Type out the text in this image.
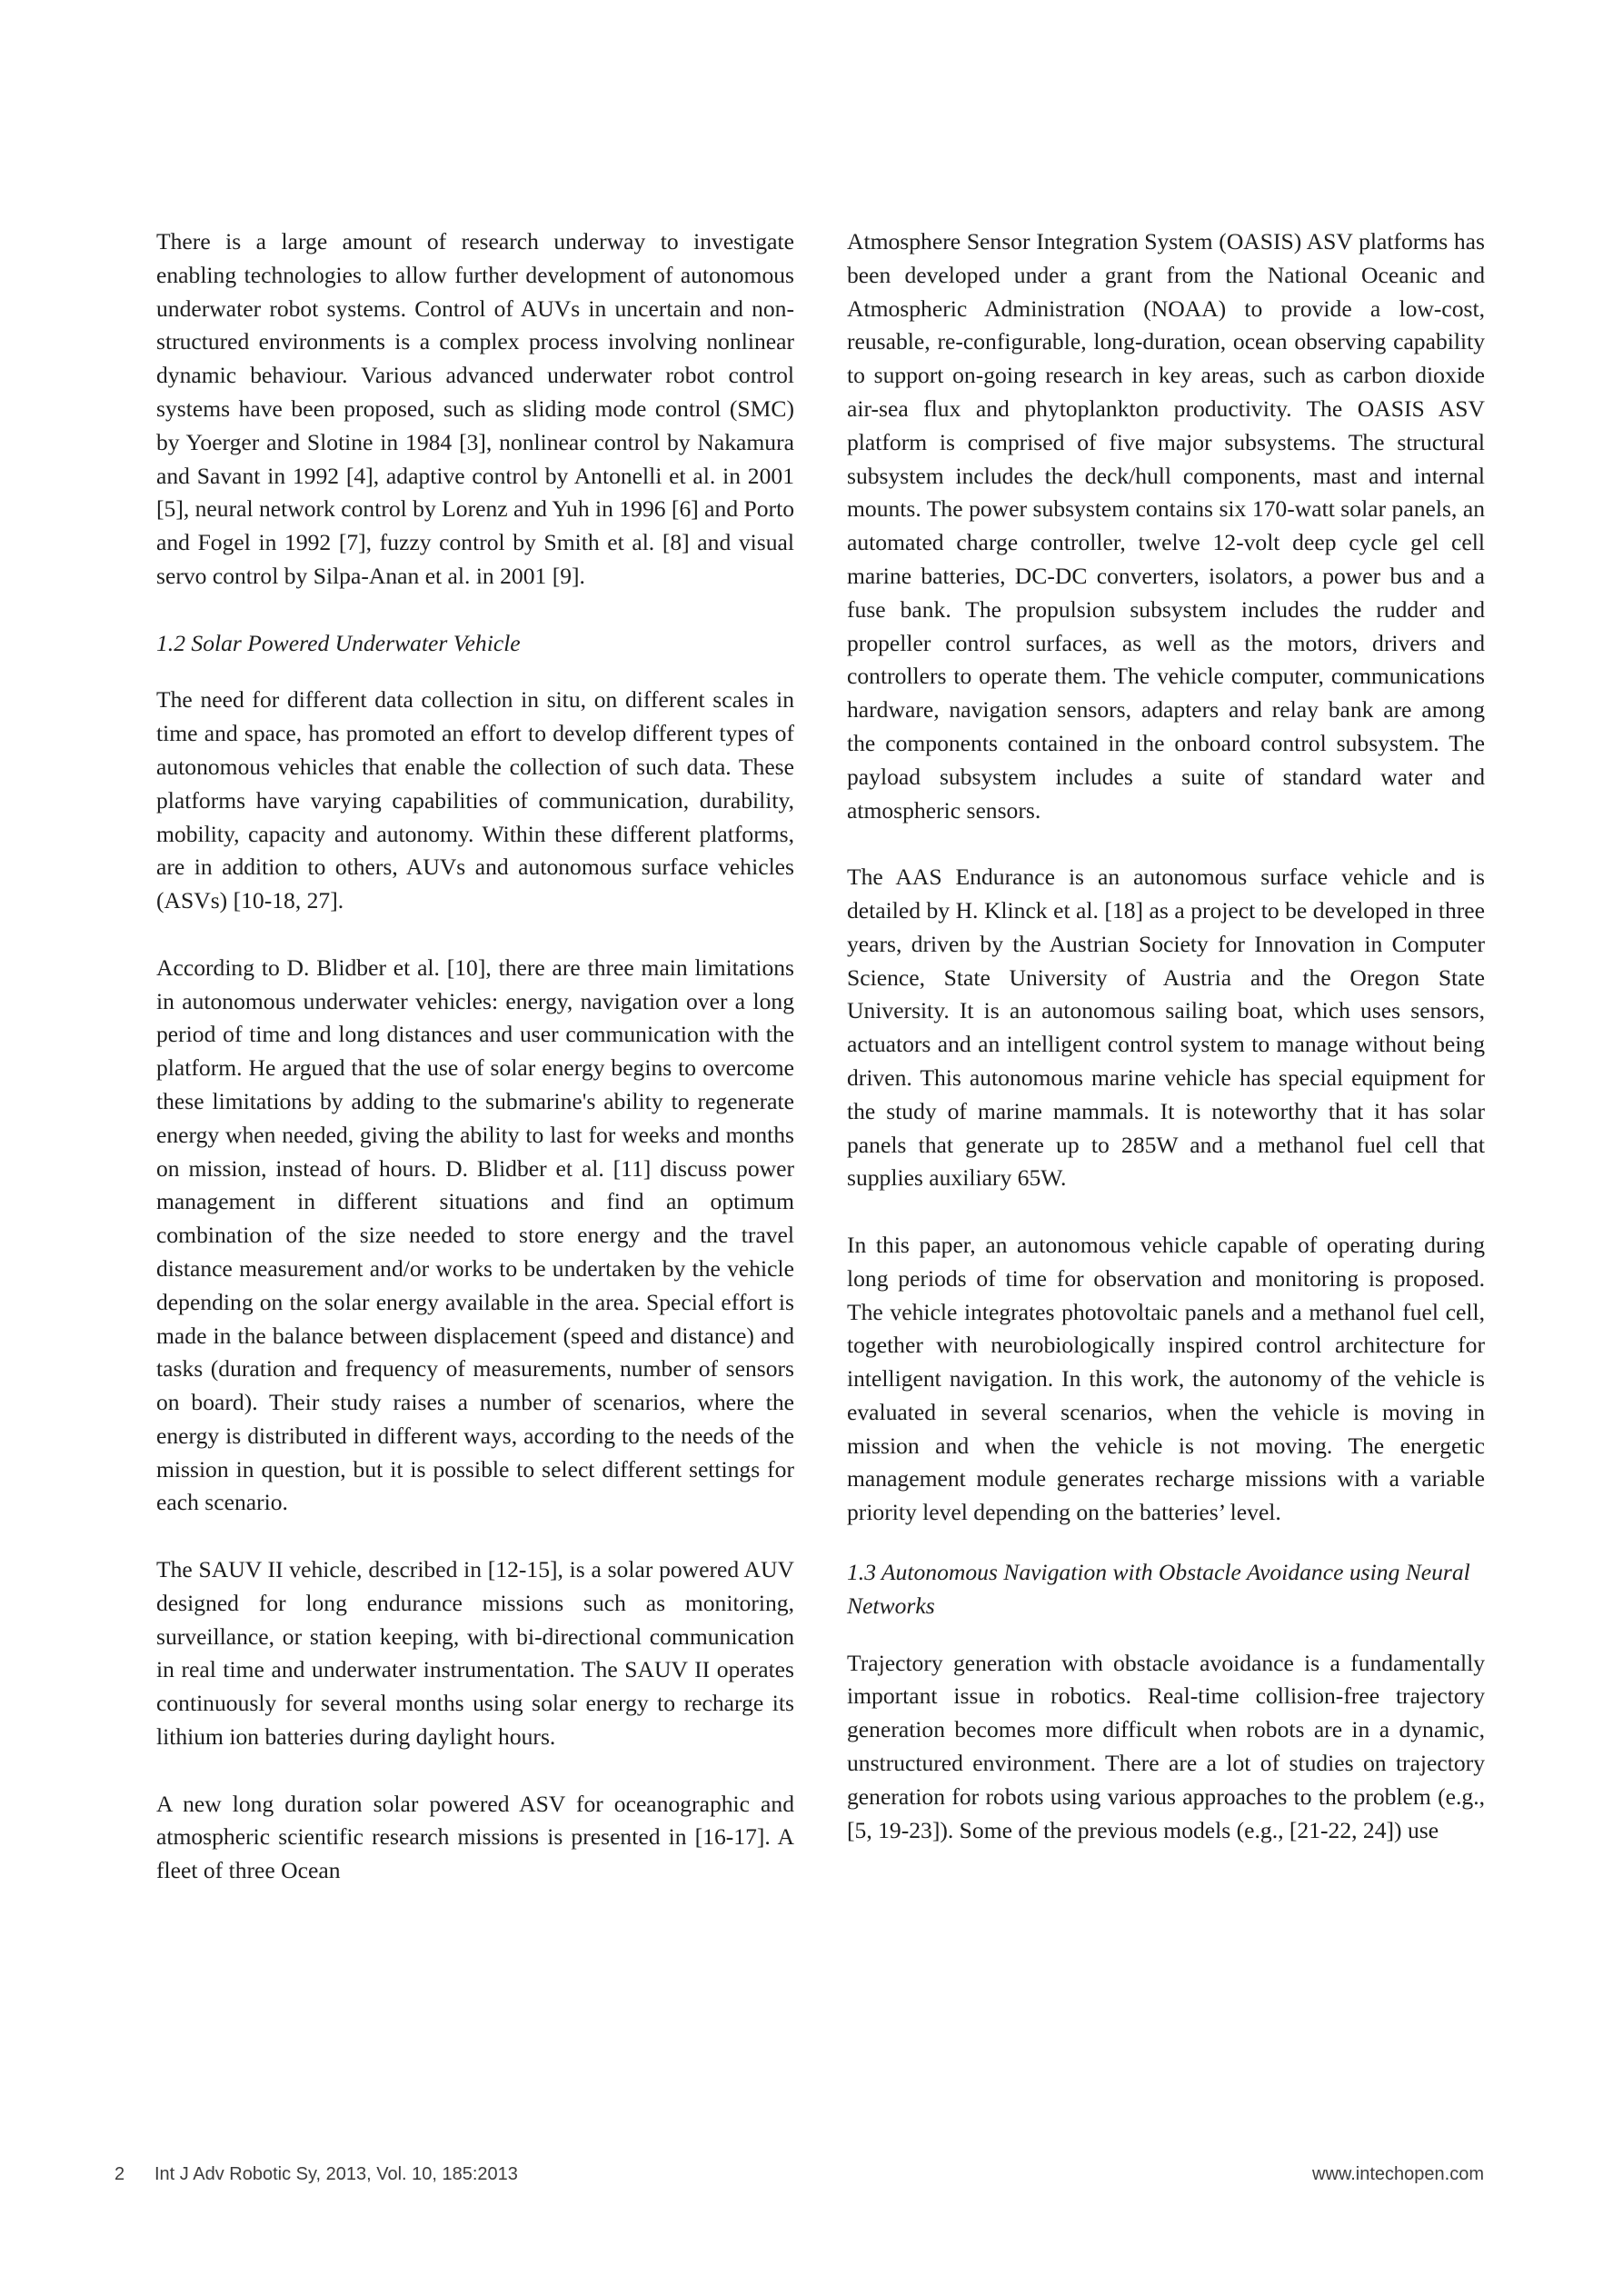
There is a large amount of research underway to investigate enabling technologies to allow further development of autonomous underwater robot systems. Control of AUVs in uncertain and non-structured environments is a complex process involving nonlinear dynamic behaviour. Various advanced underwater robot control systems have been proposed, such as sliding mode control (SMC) by Yoerger and Slotine in 1984 [3], nonlinear control by Nakamura and Savant in 1992 [4], adaptive control by Antonelli et al. in 2001 [5], neural network control by Lorenz and Yuh in 1996 [6] and Porto and Fogel in 1992 [7], fuzzy control by Smith et al. [8] and visual servo control by Silpa-Anan et al. in 2001 [9].

1.2 Solar Powered Underwater Vehicle

The need for different data collection in situ, on different scales in time and space, has promoted an effort to develop different types of autonomous vehicles that enable the collection of such data. These platforms have varying capabilities of communication, durability, mobility, capacity and autonomy. Within these different platforms, are in addition to others, AUVs and autonomous surface vehicles (ASVs) [10-18, 27].

According to D. Blidber et al. [10], there are three main limitations in autonomous underwater vehicles: energy, navigation over a long period of time and long distances and user communication with the platform. He argued that the use of solar energy begins to overcome these limitations by adding to the submarine's ability to regenerate energy when needed, giving the ability to last for weeks and months on mission, instead of hours. D. Blidber et al. [11] discuss power management in different situations and find an optimum combination of the size needed to store energy and the travel distance measurement and/or works to be undertaken by the vehicle depending on the solar energy available in the area. Special effort is made in the balance between displacement (speed and distance) and tasks (duration and frequency of measurements, number of sensors on board). Their study raises a number of scenarios, where the energy is distributed in different ways, according to the needs of the mission in question, but it is possible to select different settings for each scenario.

The SAUV II vehicle, described in [12-15], is a solar powered AUV designed for long endurance missions such as monitoring, surveillance, or station keeping, with bi-directional communication in real time and underwater instrumentation. The SAUV II operates continuously for several months using solar energy to recharge its lithium ion batteries during daylight hours.

A new long duration solar powered ASV for oceanographic and atmospheric scientific research missions is presented in [16-17]. A fleet of three Ocean

Atmosphere Sensor Integration System (OASIS) ASV platforms has been developed under a grant from the National Oceanic and Atmospheric Administration (NOAA) to provide a low-cost, reusable, re-configurable, long-duration, ocean observing capability to support on-going research in key areas, such as carbon dioxide air-sea flux and phytoplankton productivity. The OASIS ASV platform is comprised of five major subsystems. The structural subsystem includes the deck/hull components, mast and internal mounts. The power subsystem contains six 170-watt solar panels, an automated charge controller, twelve 12-volt deep cycle gel cell marine batteries, DC-DC converters, isolators, a power bus and a fuse bank. The propulsion subsystem includes the rudder and propeller control surfaces, as well as the motors, drivers and controllers to operate them. The vehicle computer, communications hardware, navigation sensors, adapters and relay bank are among the components contained in the onboard control subsystem. The payload subsystem includes a suite of standard water and atmospheric sensors.

The AAS Endurance is an autonomous surface vehicle and is detailed by H. Klinck et al. [18] as a project to be developed in three years, driven by the Austrian Society for Innovation in Computer Science, State University of Austria and the Oregon State University. It is an autonomous sailing boat, which uses sensors, actuators and an intelligent control system to manage without being driven. This autonomous marine vehicle has special equipment for the study of marine mammals. It is noteworthy that it has solar panels that generate up to 285W and a methanol fuel cell that supplies auxiliary 65W.

In this paper, an autonomous vehicle capable of operating during long periods of time for observation and monitoring is proposed. The vehicle integrates photovoltaic panels and a methanol fuel cell, together with neurobiologically inspired control architecture for intelligent navigation. In this work, the autonomy of the vehicle is evaluated in several scenarios, when the vehicle is moving in mission and when the vehicle is not moving. The energetic management module generates recharge missions with a variable priority level depending on the batteries’ level.

1.3 Autonomous Navigation with Obstacle Avoidance using Neural Networks

Trajectory generation with obstacle avoidance is a fundamentally important issue in robotics. Real-time collision-free trajectory generation becomes more difficult when robots are in a dynamic, unstructured environment. There are a lot of studies on trajectory generation for robots using various approaches to the problem (e.g., [5, 19-23]). Some of the previous models (e.g., [21-22, 24]) use

2 Int J Adv Robotic Sy, 2013, Vol. 10, 185:2013	www.intechopen.com
